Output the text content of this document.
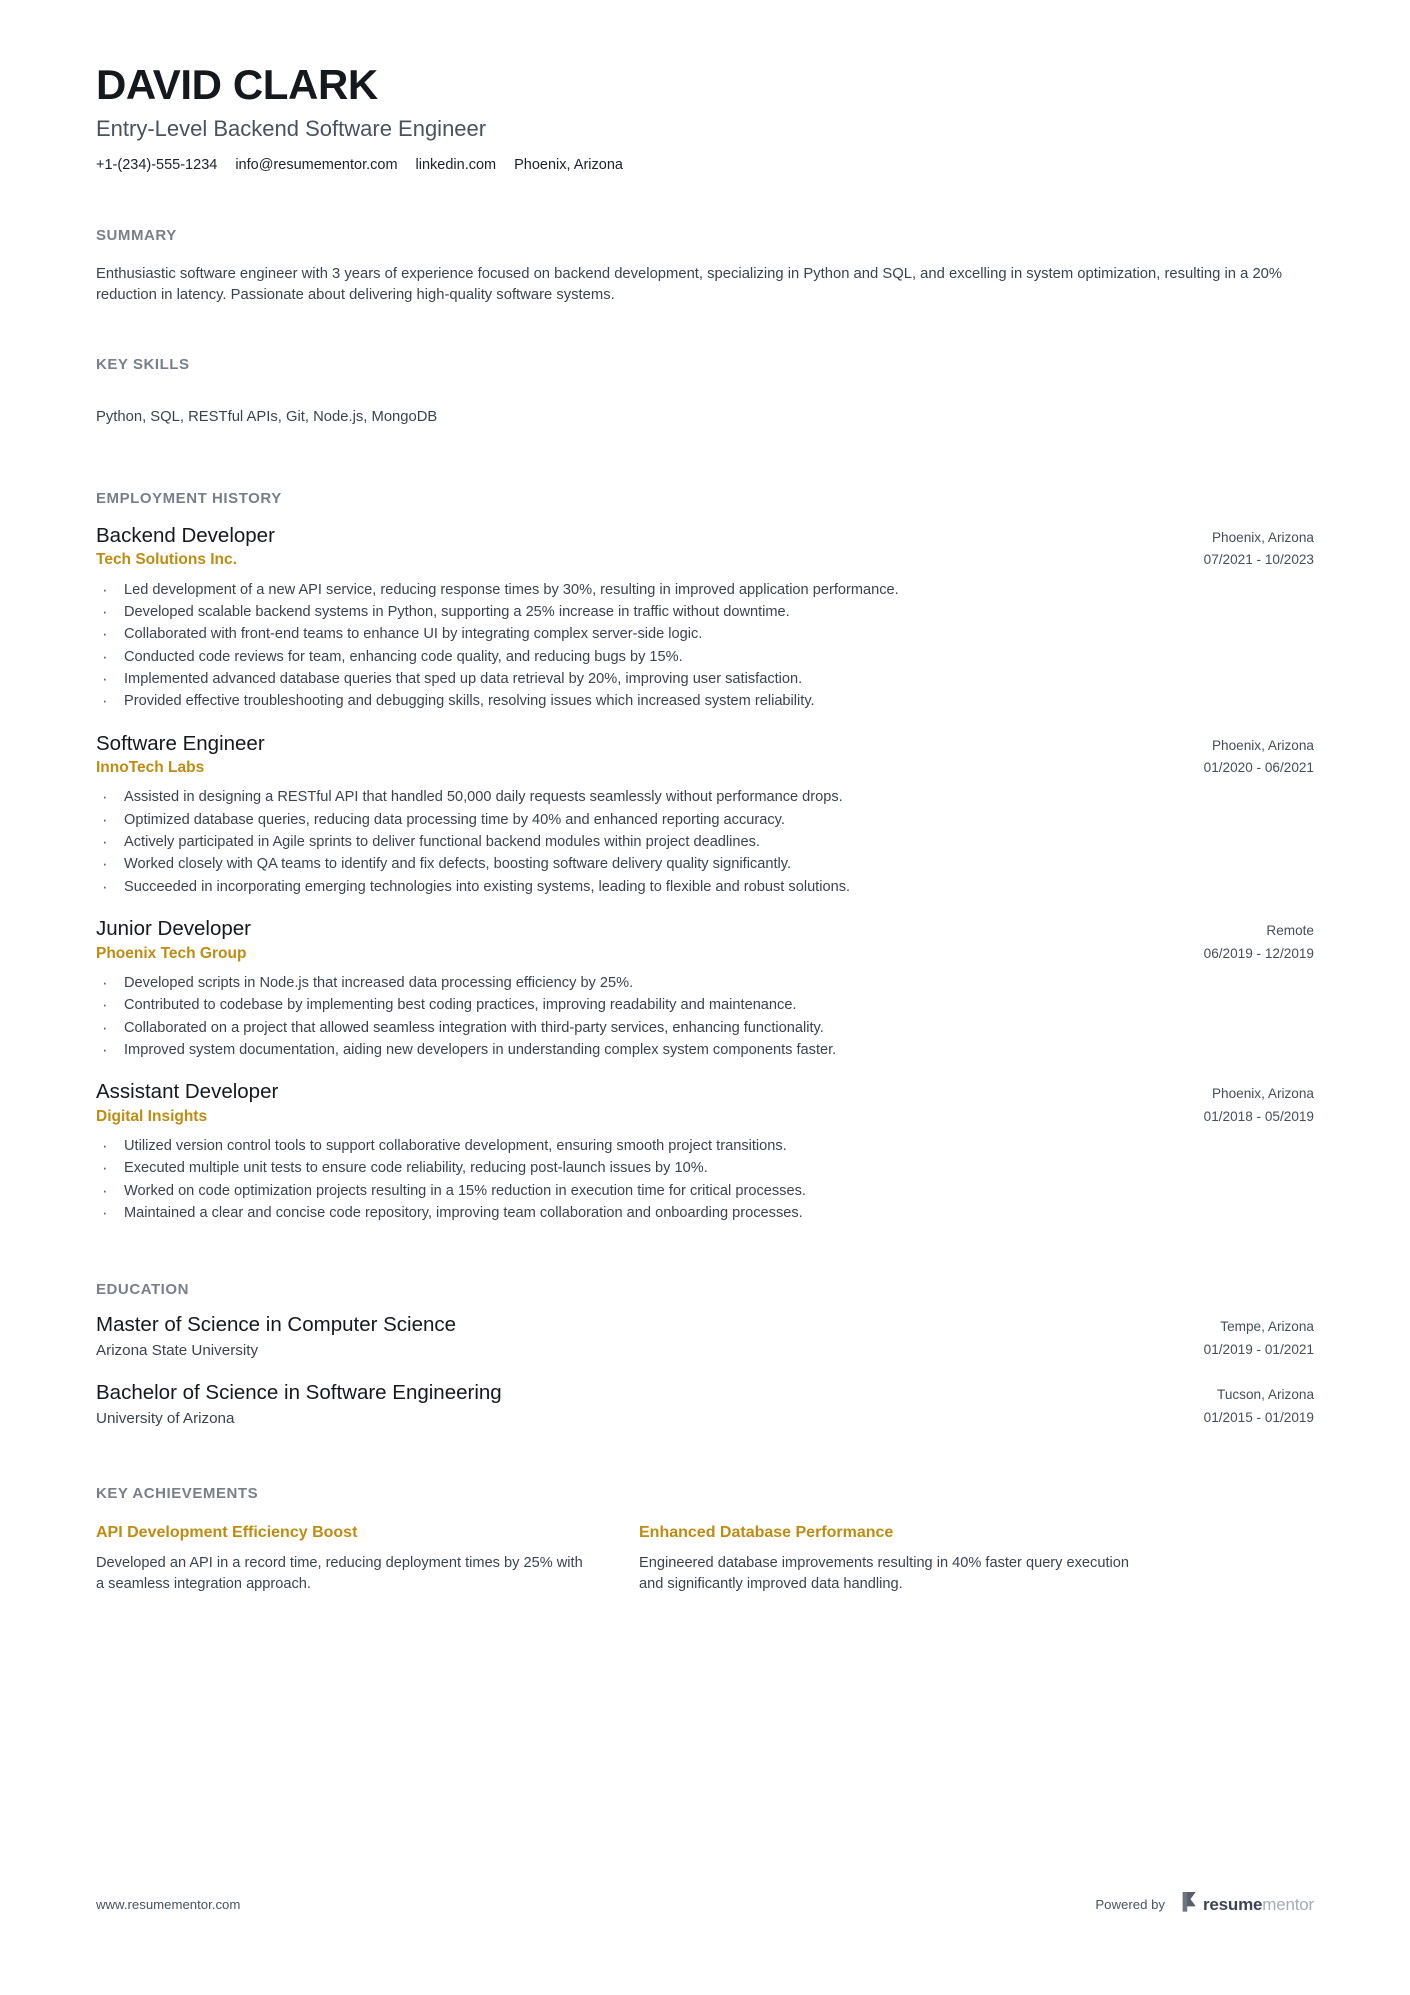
DAVID CLARK
Entry-Level Backend Software Engineer
+1-(234)-555-1234 info@resumementor.com linkedin.com Phoenix, Arizona
SUMMARY

Enthusiastic software engineer with 3 years of experience focused on backend development, specializing in Python and SQL, and excelling in system optimization, resulting in a 20% reduction in latency. Passionate about delivering high-quality software systems.

KEY SKILLS

Python, SQL, RESTful APIs, Git, Node.js, MongoDB

EMPLOYMENT HISTORY
Backend Developer
Tech Solutions Inc.
Phoenix, Arizona
07/2021 - 10/2023
· Led development of a new API service, reducing response times by 30%, resulting in improved application performance.
· Developed scalable backend systems in Python, supporting a 25% increase in traffic without downtime.
· Collaborated with front-end teams to enhance UI by integrating complex server-side logic.
· Conducted code reviews for team, enhancing code quality, and reducing bugs by 15%.
· Implemented advanced database queries that sped up data retrieval by 20%, improving user satisfaction.
· Provided effective troubleshooting and debugging skills, resolving issues which increased system reliability.
Software Engineer
InnoTech Labs
Phoenix, Arizona
01/2020 - 06/2021
· Assisted in designing a RESTful API that handled 50,000 daily requests seamlessly without performance drops.
· Optimized database queries, reducing data processing time by 40% and enhanced reporting accuracy.
· Actively participated in Agile sprints to deliver functional backend modules within project deadlines.
· Worked closely with QA teams to identify and fix defects, boosting software delivery quality significantly.
· Succeeded in incorporating emerging technologies into existing systems, leading to flexible and robust solutions.
Junior Developer
Phoenix Tech Group
Remote
06/2019 - 12/2019
· Developed scripts in Node.js that increased data processing efficiency by 25%.
· Contributed to codebase by implementing best coding practices, improving readability and maintenance.
· Collaborated on a project that allowed seamless integration with third-party services, enhancing functionality.
· Improved system documentation, aiding new developers in understanding complex system components faster.
Assistant Developer
Digital Insights
Phoenix, Arizona
01/2018 - 05/2019
· Utilized version control tools to support collaborative development, ensuring smooth project transitions.
· Executed multiple unit tests to ensure code reliability, reducing post-launch issues by 10%.
· Worked on code optimization projects resulting in a 15% reduction in execution time for critical processes.
· Maintained a clear and concise code repository, improving team collaboration and onboarding processes.
EDUCATION
Master of Science in Computer Science
Arizona State University
Tempe, Arizona
01/2019 - 01/2021
Bachelor of Science in Software Engineering
University of Arizona
Tucson, Arizona
01/2015 - 01/2019
KEY ACHIEVEMENTS
API Development Efficiency Boost
Developed an API in a record time, reducing deployment times by 25% with a seamless integration approach.
Enhanced Database Performance
Engineered database improvements resulting in 40% faster query execution and significantly improved data handling.
www.resumementor.com	Powered by resumementor
